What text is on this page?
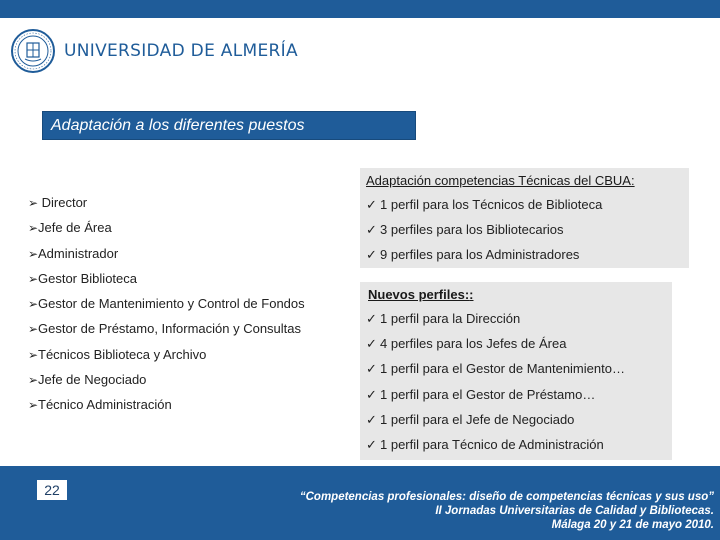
UNIVERSIDAD DE ALMERÍA
Adaptación a los diferentes puestos
➢ Director
➢Jefe de Área
➢Administrador
➢Gestor Biblioteca
➢Gestor de Mantenimiento y Control de Fondos
➢Gestor de Préstamo, Información y Consultas
➢Técnicos Biblioteca y Archivo
➢Jefe de Negociado
➢Técnico Administración
Adaptación competencias Técnicas del CBUA:
✓ 1 perfil para los Técnicos de Biblioteca
✓ 3 perfiles para los Bibliotecarios
✓ 9 perfiles para los Administradores
Nuevos perfiles::
✓ 1 perfil para la Dirección
✓ 4 perfiles para los Jefes de Área
✓ 1 perfil para el Gestor de Mantenimiento…
✓ 1 perfil para el Gestor de Préstamo…
✓ 1 perfil para el Jefe de Negociado
✓ 1 perfil para Técnico de Administración
22	“Competencias profesionales: diseño de competencias técnicas y sus uso”
II Jornadas Universitarias de Calidad y Bibliotecas.
Málaga 20 y 21 de mayo 2010.
